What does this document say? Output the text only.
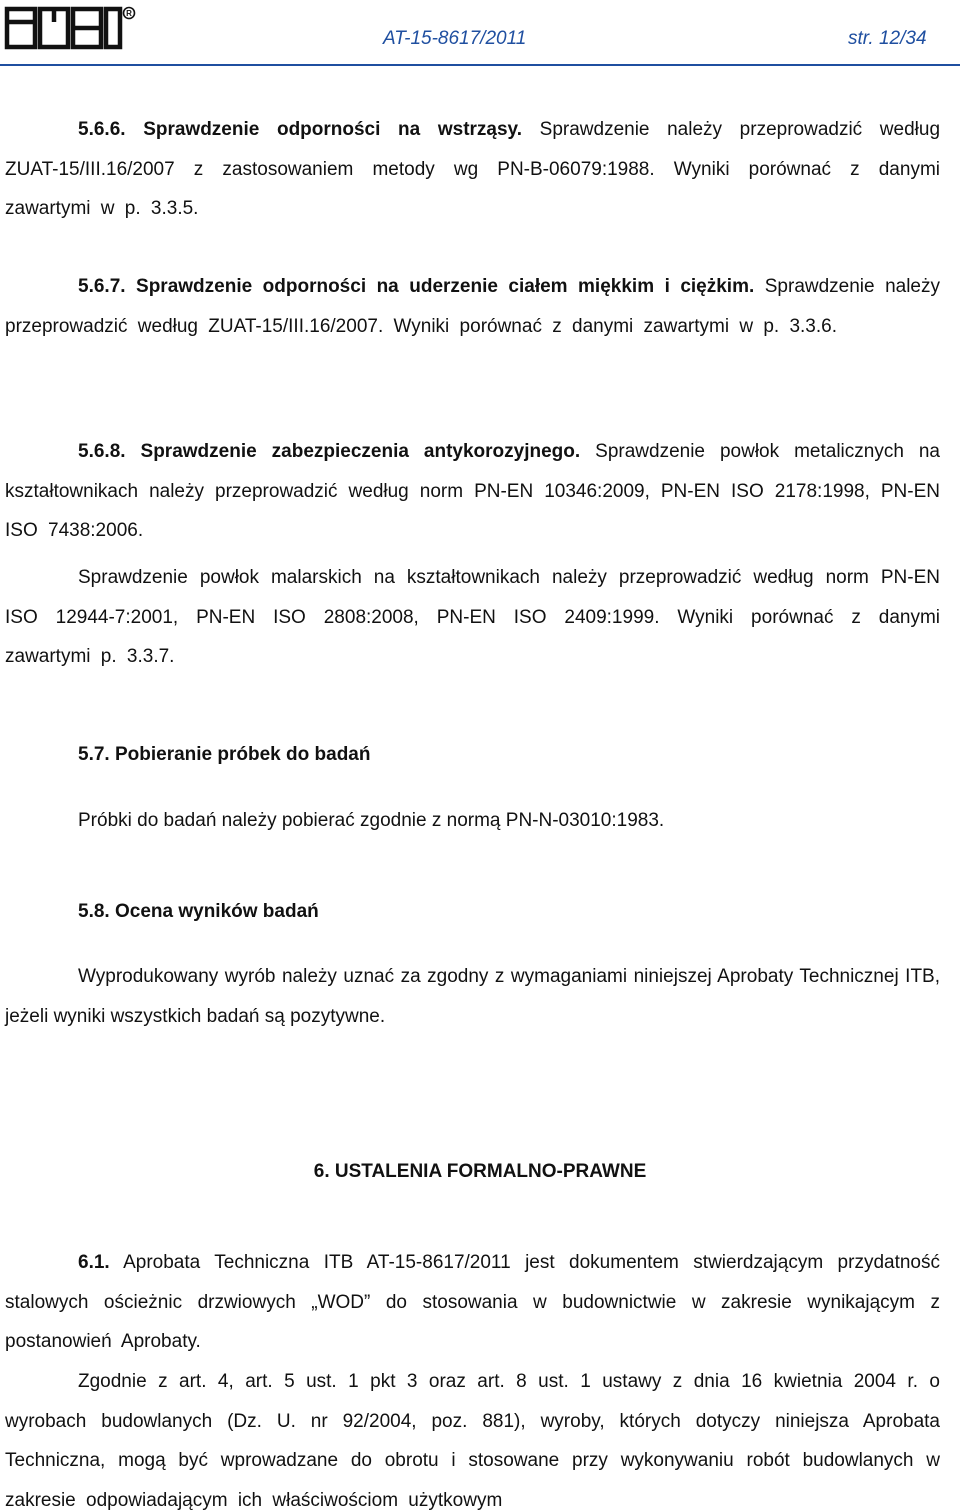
R
AT-15-8617/2011	str. 12/34
5.6.6. Sprawdzenie odporności na wstrząsy. Sprawdzenie należy przeprowadzić według ZUAT-15/III.16/2007 z zastosowaniem metody wg PN-B-06079:1988. Wyniki porównać z danymi zawartymi w p. 3.3.5.
5.6.7. Sprawdzenie odporności na uderzenie ciałem miękkim i ciężkim. Sprawdzenie należy przeprowadzić według ZUAT-15/III.16/2007. Wyniki porównać z danymi zawartymi w p. 3.3.6.
5.6.8. Sprawdzenie zabezpieczenia antykorozyjnego. Sprawdzenie powłok metalicznych na kształtownikach należy przeprowadzić według norm PN-EN 10346:2009, PN-EN ISO 2178:1998, PN-EN ISO 7438:2006.
Sprawdzenie powłok malarskich na kształtownikach należy przeprowadzić według norm PN-EN ISO 12944-7:2001, PN-EN ISO 2808:2008, PN-EN ISO 2409:1999. Wyniki porównać z danymi zawartymi p. 3.3.7.
5.7. Pobieranie próbek do badań
Próbki do badań należy pobierać zgodnie z normą PN-N-03010:1983.
5.8. Ocena wyników badań
Wyprodukowany wyrób należy uznać za zgodny z wymaganiami niniejszej Aprobaty Technicznej ITB, jeżeli wyniki wszystkich badań są pozytywne.
6. USTALENIA FORMALNO-PRAWNE
6.1. Aprobata Techniczna ITB AT-15-8617/2011 jest dokumentem stwierdzającym przydatność stalowych ościeżnic drzwiowych „WOD” do stosowania w budownictwie w zakresie wynikającym z postanowień Aprobaty.
Zgodnie z art. 4, art. 5 ust. 1 pkt 3 oraz art. 8 ust. 1 ustawy z dnia 16 kwietnia 2004 r. o wyrobach budowlanych (Dz. U. nr 92/2004, poz. 881), wyroby, których dotyczy niniejsza Aprobata Techniczna, mogą być wprowadzane do obrotu i stosowane przy wykonywaniu robót budowlanych w zakresie odpowiadającym ich właściwościom użytkowym
